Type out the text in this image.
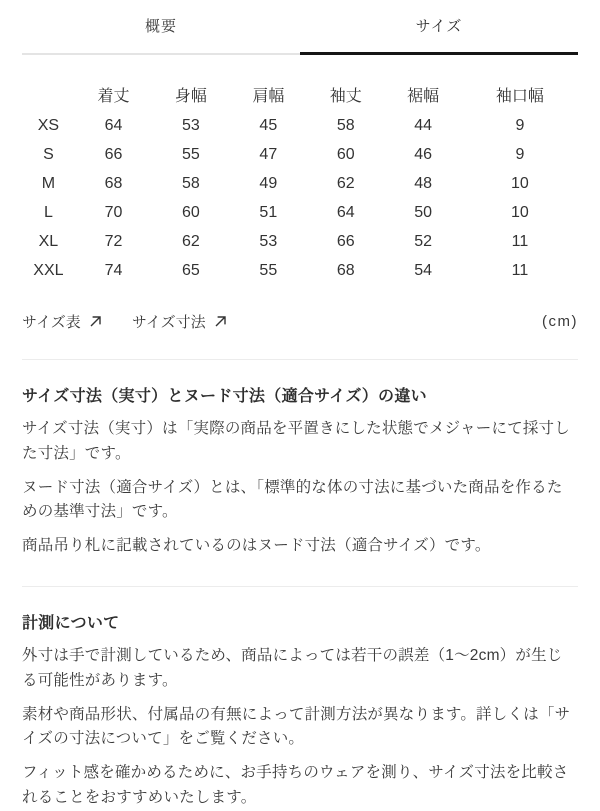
概要	サイズ
	着丈	身幅	肩幅	袖丈	裾幅	袖口幅
XS	64	53	45	58	44	9
S	66	55	47	60	46	9
M	68	58	49	62	48	10
L	70	60	51	64	50	10
XL	72	62	53	66	52	11
XXL	74	65	55	68	54	11
サイズ表	サイズ寸法	(cm)
サイズ寸法（実寸）とヌード寸法（適合サイズ）の違い

サイズ寸法（実寸）は「実際の商品を平置きにした状態でメジャーにて採寸した寸法」です。

ヌード寸法（適合サイズ）とは、「標準的な体の寸法に基づいた商品を作るための基準寸法」です。

商品吊り札に記載されているのはヌード寸法（適合サイズ）です。

計測について

外寸は手で計測しているため、商品によっては若干の誤差（1〜2cm）が生じる可能性があります。

素材や商品形状、付属品の有無によって計測方法が異なります。詳しくは「サイズの寸法について」をご覧ください。

フィット感を確かめるために、お手持ちのウェアを測り、サイズ寸法を比較されることをおすすめいたします。
